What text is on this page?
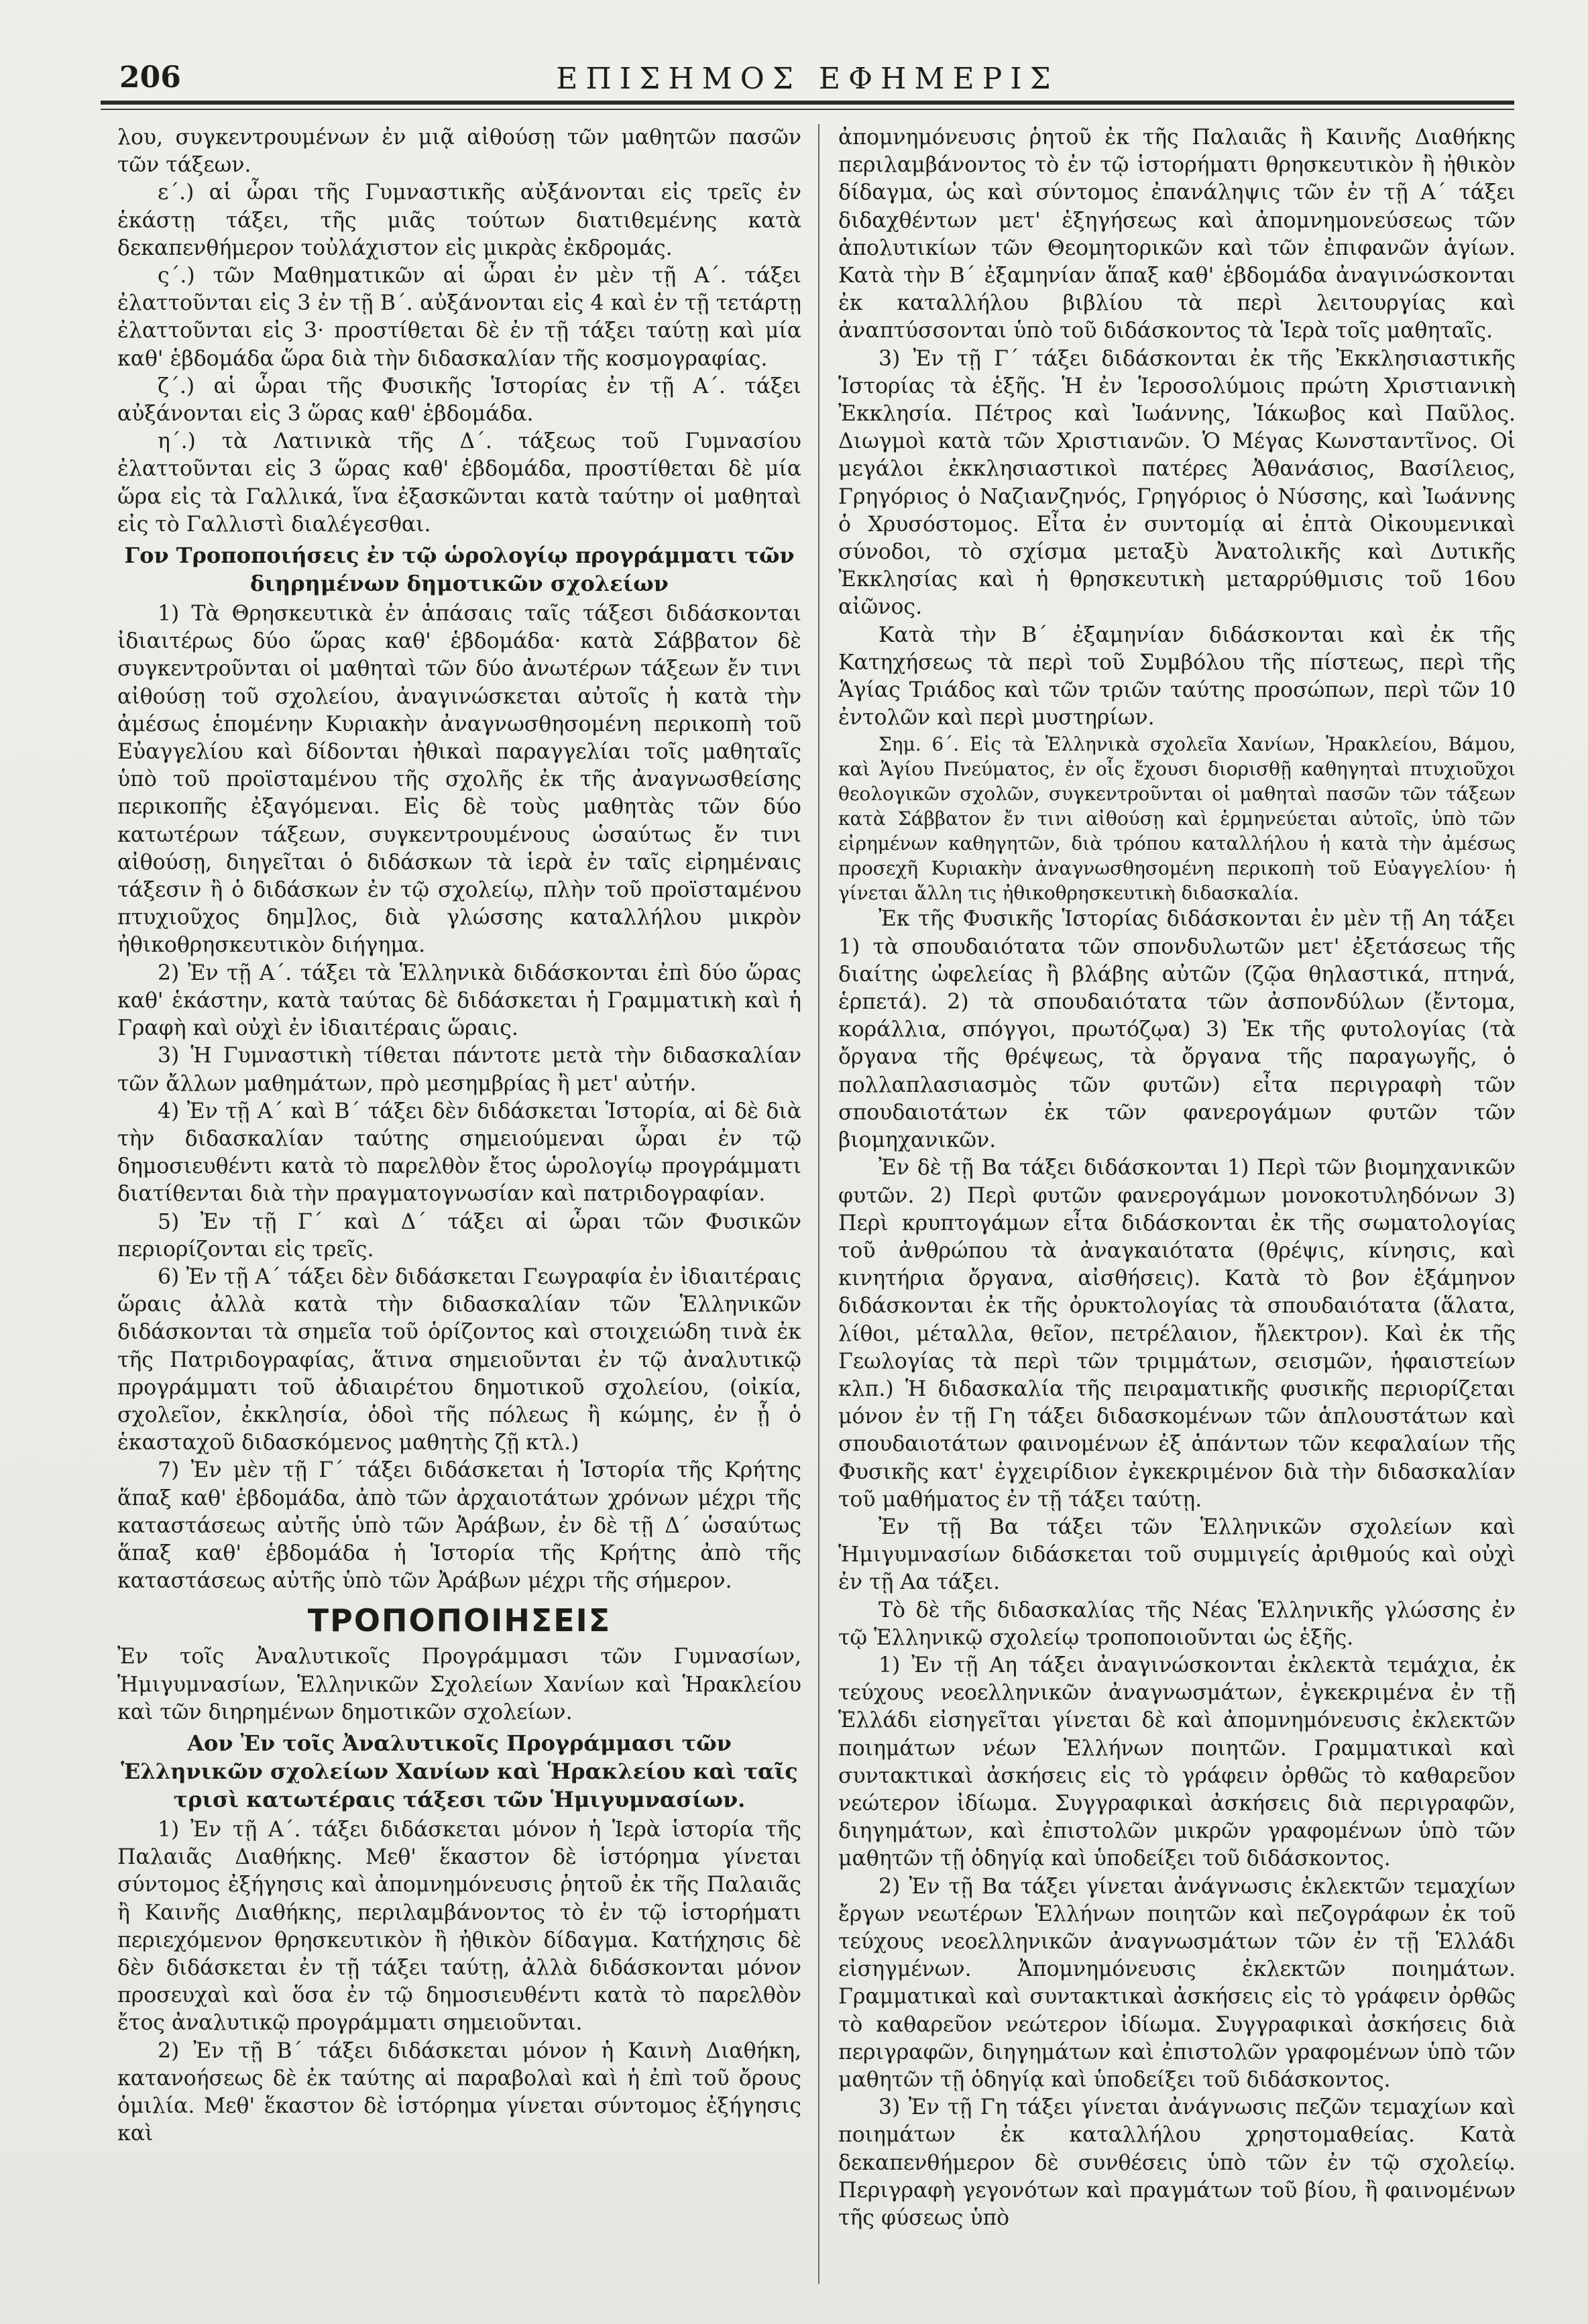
206	ΕΠΙΣΗΜΟΣ ΕΦΗΜΕΡΙΣ

λου, συγκεντρουμένων ἐν μιᾷ αἰθούσῃ τῶν μαθητῶν πασῶν τῶν τάξεων.

ε΄.) αἱ ὧραι τῆς Γυμναστικῆς αὐξάνονται εἰς τρεῖς ἐν ἑκάστῃ τάξει, τῆς μιᾶς τούτων διατιθεμένης κατὰ δεκαπενθήμερον τοὐλάχιστον εἰς μικρὰς ἐκδρομάς.

ς΄.) τῶν Μαθηματικῶν αἱ ὧραι ἐν μὲν τῇ Α΄. τάξει ἐλαττοῦνται εἰς 3 ἐν τῇ Β΄. αὐξάνονται εἰς 4 καὶ ἐν τῇ τετάρτῃ ἐλαττοῦνται εἰς 3· προστίθεται δὲ ἐν τῇ τάξει ταύτῃ καὶ μία καθ' ἑβδομάδα ὥρα διὰ τὴν διδασκαλίαν τῆς κοσμογραφίας.

ζ΄.) αἱ ὧραι τῆς Φυσικῆς Ἱστορίας ἐν τῇ Α΄. τάξει αὐξάνονται εἰς 3 ὥρας καθ' ἑβδομάδα.

η΄.) τὰ Λατινικὰ τῆς Δ΄. τάξεως τοῦ Γυμνασίου ἐλαττοῦνται εἰς 3 ὥρας καθ' ἑβδομάδα, προστίθεται δὲ μία ὥρα εἰς τὰ Γαλλικά, ἵνα ἐξασκῶνται κατὰ ταύτην οἱ μαθηταὶ εἰς τὸ Γαλλιστὶ διαλέγεσθαι.

Γον Τροποποιήσεις ἐν τῷ ὡρολογίῳ προγράμματι τῶν διηρημένων δημοτικῶν σχολείων

1) Τὰ Θρησκευτικὰ ἐν ἁπάσαις ταῖς τάξεσι διδάσκονται ἰδιαιτέρως δύο ὥρας καθ' ἑβδομάδα· κατὰ Σάββατον δὲ συγκεντροῦνται οἱ μαθηταὶ τῶν δύο ἀνωτέρων τάξεων ἔν τινι αἰθούσῃ τοῦ σχολείου, ἀναγινώσκεται αὐτοῖς ἡ κατὰ τὴν ἀμέσως ἑπομένην Κυριακὴν ἀναγνωσθησομένη περικοπὴ τοῦ Εὐαγγελίου καὶ δίδονται ἠθικαὶ παραγγελίαι τοῖς μαθηταῖς ὑπὸ τοῦ προϊσταμένου τῆς σχολῆς ἐκ τῆς ἀναγνωσθείσης περικοπῆς ἐξαγόμεναι. Εἰς δὲ τοὺς μαθητὰς τῶν δύο κατωτέρων τάξεων, συγκεντρουμένους ὡσαύτως ἔν τινι αἰθούσῃ, διηγεῖται ὁ διδάσκων τὰ ἱερὰ ἐν ταῖς εἰρημέναις τάξεσιν ἢ ὁ διδάσκων ἐν τῷ σχολείῳ, πλὴν τοῦ προϊσταμένου πτυχιοῦχος δημ]λος, διὰ γλώσσης καταλλήλου μικρὸν ἠθικοθρησκευτικὸν διήγημα.

2) Ἐν τῇ Α΄. τάξει τὰ Ἑλληνικὰ διδάσκονται ἐπὶ δύο ὥρας καθ' ἑκάστην, κατὰ ταύτας δὲ διδάσκεται ἡ Γραμματικὴ καὶ ἡ Γραφὴ καὶ οὐχὶ ἐν ἰδιαιτέραις ὥραις.

3) Ἡ Γυμναστικὴ τίθεται πάντοτε μετὰ τὴν διδασκαλίαν τῶν ἄλλων μαθημάτων, πρὸ μεσημβρίας ἢ μετ' αὐτήν.

4) Ἐν τῇ Α΄ καὶ Β΄ τάξει δὲν διδάσκεται Ἱστορία, αἱ δὲ διὰ τὴν διδασκαλίαν ταύτης σημειούμεναι ὧραι ἐν τῷ δημοσιευθέντι κατὰ τὸ παρελθὸν ἔτος ὡρολογίῳ προγράμματι διατίθενται διὰ τὴν πραγματογνωσίαν καὶ πατριδογραφίαν.

5) Ἐν τῇ Γ΄ καὶ Δ΄ τάξει αἱ ὧραι τῶν Φυσικῶν περιορίζονται εἰς τρεῖς.

6) Ἐν τῇ Α΄ τάξει δὲν διδάσκεται Γεωγραφία ἐν ἰδιαιτέραις ὥραις ἀλλὰ κατὰ τὴν διδασκαλίαν τῶν Ἑλληνικῶν διδάσκονται τὰ σημεῖα τοῦ ὁρίζοντος καὶ στοιχειώδη τινὰ ἐκ τῆς Πατριδογραφίας, ἅτινα σημειοῦνται ἐν τῷ ἀναλυτικῷ προγράμματι τοῦ ἀδιαιρέτου δημοτικοῦ σχολείου, (οἰκία, σχολεῖον, ἐκκλησία, ὁδοὶ τῆς πόλεως ἢ κώμης, ἐν ᾗ ὁ ἑκασταχοῦ διδασκόμενος μαθητὴς ζῇ κτλ.)

7) Ἐν μὲν τῇ Γ΄ τάξει διδάσκεται ἡ Ἱστορία τῆς Κρήτης ἅπαξ καθ' ἑβδομάδα, ἀπὸ τῶν ἀρχαιοτάτων χρόνων μέχρι τῆς καταστάσεως αὐτῆς ὑπὸ τῶν Ἀράβων, ἐν δὲ τῇ Δ΄ ὡσαύτως ἅπαξ καθ' ἑβδομάδα ἡ Ἱστορία τῆς Κρήτης ἀπὸ τῆς καταστάσεως αὐτῆς ὑπὸ τῶν Ἀράβων μέχρι τῆς σήμερον.

ΤΡΟΠΟΠΟΙΗΣΕΙΣ

Ἐν τοῖς Ἀναλυτικοῖς Προγράμμασι τῶν Γυμνασίων, Ἡμιγυμνασίων, Ἑλληνικῶν Σχολείων Χανίων καὶ Ἡρακλείου καὶ τῶν διηρημένων δημοτικῶν σχολείων.

Αον Ἐν τοῖς Ἀναλυτικοῖς Προγράμμασι τῶν Ἑλληνικῶν σχολείων Χανίων καὶ Ἡρακλείου καὶ ταῖς τρισὶ κατωτέραις τάξεσι τῶν Ἡμιγυμνασίων.

1) Ἐν τῇ Α΄. τάξει διδάσκεται μόνον ἡ Ἱερὰ ἱστορία τῆς Παλαιᾶς Διαθήκης. Μεθ' ἕκαστον δὲ ἱστόρημα γίνεται σύντομος ἐξήγησις καὶ ἀπομνημόνευσις ῥητοῦ ἐκ τῆς Παλαιᾶς ἢ Καινῆς Διαθήκης, περιλαμβάνοντος τὸ ἐν τῷ ἱστορήματι περιεχόμενον θρησκευτικὸν ἢ ἠθικὸν δίδαγμα. Κατήχησις δὲ δὲν διδάσκεται ἐν τῇ τάξει ταύτῃ, ἀλλὰ διδάσκονται μόνον προσευχαὶ καὶ ὅσα ἐν τῷ δημοσιευθέντι κατὰ τὸ παρελθὸν ἔτος ἀναλυτικῷ προγράμματι σημειοῦνται.

2) Ἐν τῇ Β΄ τάξει διδάσκεται μόνον ἡ Καινὴ Διαθήκη, κατανοήσεως δὲ ἐκ ταύτης αἱ παραβολαὶ καὶ ἡ ἐπὶ τοῦ ὄρους ὁμιλία. Μεθ' ἕκαστον δὲ ἱστόρημα γίνεται σύντομος ἐξήγησις καὶ

ἀπομνημόνευσις ῥητοῦ ἐκ τῆς Παλαιᾶς ἢ Καινῆς Διαθήκης περιλαμβάνοντος τὸ ἐν τῷ ἱστορήματι θρησκευτικὸν ἢ ἠθικὸν δίδαγμα, ὡς καὶ σύντομος ἐπανάληψις τῶν ἐν τῇ Α΄ τάξει διδαχθέντων μετ' ἐξηγήσεως καὶ ἀπομνημονεύσεως τῶν ἀπολυτικίων τῶν Θεομητορικῶν καὶ τῶν ἐπιφανῶν ἁγίων. Κατὰ τὴν Β΄ ἐξαμηνίαν ἅπαξ καθ' ἑβδομάδα ἀναγινώσκονται ἐκ καταλλήλου βιβλίου τὰ περὶ λειτουργίας καὶ ἀναπτύσσονται ὑπὸ τοῦ διδάσκοντος τὰ Ἱερὰ τοῖς μαθηταῖς.

3) Ἐν τῇ Γ΄ τάξει διδάσκονται ἐκ τῆς Ἐκκλησιαστικῆς Ἱστορίας τὰ ἑξῆς. Ἡ ἐν Ἱεροσολύμοις πρώτη Χριστιανικὴ Ἐκκλησία. Πέτρος καὶ Ἰωάννης, Ἰάκωβος καὶ Παῦλος. Διωγμοὶ κατὰ τῶν Χριστιανῶν. Ὁ Μέγας Κωνσταντῖνος. Οἱ μεγάλοι ἐκκλησιαστικοὶ πατέρες Ἀθανάσιος, Βασίλειος, Γρηγόριος ὁ Ναζιανζηνός, Γρηγόριος ὁ Νύσσης, καὶ Ἰωάννης ὁ Χρυσόστομος. Εἶτα ἐν συντομίᾳ αἱ ἑπτὰ Οἰκουμενικαὶ σύνοδοι, τὸ σχίσμα μεταξὺ Ἀνατολικῆς καὶ Δυτικῆς Ἐκκλησίας καὶ ἡ θρησκευτικὴ μεταρρύθμισις τοῦ 16ου αἰῶνος.

Κατὰ τὴν Β΄ ἐξαμηνίαν διδάσκονται καὶ ἐκ τῆς Κατηχήσεως τὰ περὶ τοῦ Συμβόλου τῆς πίστεως, περὶ τῆς Ἁγίας Τριάδος καὶ τῶν τριῶν ταύτης προσώπων, περὶ τῶν 10 ἐντολῶν καὶ περὶ μυστηρίων.

Σημ. 6΄. Εἰς τὰ Ἑλληνικὰ σχολεῖα Χανίων, Ἡρακλείου, Βάμου, καὶ Ἁγίου Πνεύματος, ἐν οἷς ἔχουσι διορισθῇ καθηγηταὶ πτυχιοῦχοι θεολογικῶν σχολῶν, συγκεντροῦνται οἱ μαθηταὶ πασῶν τῶν τάξεων κατὰ Σάββατον ἔν τινι αἰθούσῃ καὶ ἑρμηνεύεται αὐτοῖς, ὑπὸ τῶν εἰρημένων καθηγητῶν, διὰ τρόπου καταλλήλου ἡ κατὰ τὴν ἀμέσως προσεχῆ Κυριακὴν ἀναγνωσθησομένη περικοπὴ τοῦ Εὐαγγελίου· ἡ γίνεται ἄλλη τις ἠθικοθρησκευτικὴ διδασκαλία.

Ἐκ τῆς Φυσικῆς Ἱστορίας διδάσκονται ἐν μὲν τῇ Αη τάξει 1) τὰ σπουδαιότατα τῶν σπονδυλωτῶν μετ' ἐξετάσεως τῆς διαίτης ὠφελείας ἢ βλάβης αὐτῶν (ζῷα θηλαστικά, πτηνά, ἑρπετά). 2) τὰ σπουδαιότατα τῶν ἀσπονδύλων (ἔντομα, κοράλλια, σπόγγοι, πρωτόζῳα) 3) Ἐκ τῆς φυτολογίας (τὰ ὄργανα τῆς θρέψεως, τὰ ὄργανα τῆς παραγωγῆς, ὁ πολλαπλασιασμὸς τῶν φυτῶν) εἶτα περιγραφὴ τῶν σπουδαιοτάτων ἐκ τῶν φανερογάμων φυτῶν τῶν βιομηχανικῶν.

Ἐν δὲ τῇ Βα τάξει διδάσκονται 1) Περὶ τῶν βιομηχανικῶν φυτῶν. 2) Περὶ φυτῶν φανερογάμων μονοκοτυληδόνων 3) Περὶ κρυπτογάμων εἶτα διδάσκονται ἐκ τῆς σωματολογίας τοῦ ἀνθρώπου τὰ ἀναγκαιότατα (θρέψις, κίνησις, καὶ κινητήρια ὄργανα, αἰσθήσεις). Κατὰ τὸ βον ἑξάμηνον διδάσκονται ἐκ τῆς ὀρυκτολογίας τὰ σπουδαιότατα (ἅλατα, λίθοι, μέταλλα, θεῖον, πετρέλαιον, ἤλεκτρον). Καὶ ἐκ τῆς Γεωλογίας τὰ περὶ τῶν τριμμάτων, σεισμῶν, ἡφαιστείων κλπ.) Ἡ διδασκαλία τῆς πειραματικῆς φυσικῆς περιορίζεται μόνον ἐν τῇ Γη τάξει διδασκομένων τῶν ἁπλουστάτων καὶ σπουδαιοτάτων φαινομένων ἐξ ἁπάντων τῶν κεφαλαίων τῆς Φυσικῆς κατ' ἐγχειρίδιον ἐγκεκριμένον διὰ τὴν διδασκαλίαν τοῦ μαθήματος ἐν τῇ τάξει ταύτῃ.

Ἐν τῇ Βα τάξει τῶν Ἑλληνικῶν σχολείων καὶ Ἡμιγυμνασίων διδάσκεται τοῦ συμμιγείς ἀριθμούς καὶ οὐχὶ ἐν τῇ Αα τάξει.

Τὸ δὲ τῆς διδασκαλίας τῆς Νέας Ἑλληνικῆς γλώσσης ἐν τῷ Ἑλληνικῷ σχολείῳ τροποποιοῦνται ὡς ἑξῆς.

1) Ἐν τῇ Αη τάξει ἀναγινώσκονται ἐκλεκτὰ τεμάχια, ἐκ τεύχους νεοελληνικῶν ἀναγνωσμάτων, ἐγκεκριμένα ἐν τῇ Ἑλλάδι εἰσηγεῖται γίνεται δὲ καὶ ἀπομνημόνευσις ἐκλεκτῶν ποιημάτων νέων Ἑλλήνων ποιητῶν. Γραμματικαὶ καὶ συντακτικαὶ ἀσκήσεις εἰς τὸ γράφειν ὀρθῶς τὸ καθαρεῦον νεώτερον ἰδίωμα. Συγγραφικαὶ ἀσκήσεις διὰ περιγραφῶν, διηγημάτων, καὶ ἐπιστολῶν μικρῶν γραφομένων ὑπὸ τῶν μαθητῶν τῇ ὁδηγίᾳ καὶ ὑποδείξει τοῦ διδάσκοντος.

2) Ἐν τῇ Βα τάξει γίνεται ἀνάγνωσις ἐκλεκτῶν τεμαχίων ἔργων νεωτέρων Ἑλλήνων ποιητῶν καὶ πεζογράφων ἐκ τοῦ τεύχους νεοελληνικῶν ἀναγνωσμάτων τῶν ἐν τῇ Ἑλλάδι εἰσηγμένων. Ἀπομνημόνευσις ἐκλεκτῶν ποιημάτων. Γραμματικαὶ καὶ συντακτικαὶ ἀσκήσεις εἰς τὸ γράφειν ὀρθῶς τὸ καθαρεῦον νεώτερον ἰδίωμα. Συγγραφικαὶ ἀσκήσεις διὰ περιγραφῶν, διηγημάτων καὶ ἐπιστολῶν γραφομένων ὑπὸ τῶν μαθητῶν τῇ ὁδηγίᾳ καὶ ὑποδείξει τοῦ διδάσκοντος.

3) Ἐν τῇ Γη τάξει γίνεται ἀνάγνωσις πεζῶν τεμαχίων καὶ ποιημάτων ἐκ καταλλήλου χρηστομαθείας. Κατὰ δεκαπενθήμερον δὲ συνθέσεις ὑπὸ τῶν ἐν τῷ σχολείῳ. Περιγραφὴ γεγονότων καὶ πραγμάτων τοῦ βίου, ἢ φαινομένων τῆς φύσεως ὑπὸ
